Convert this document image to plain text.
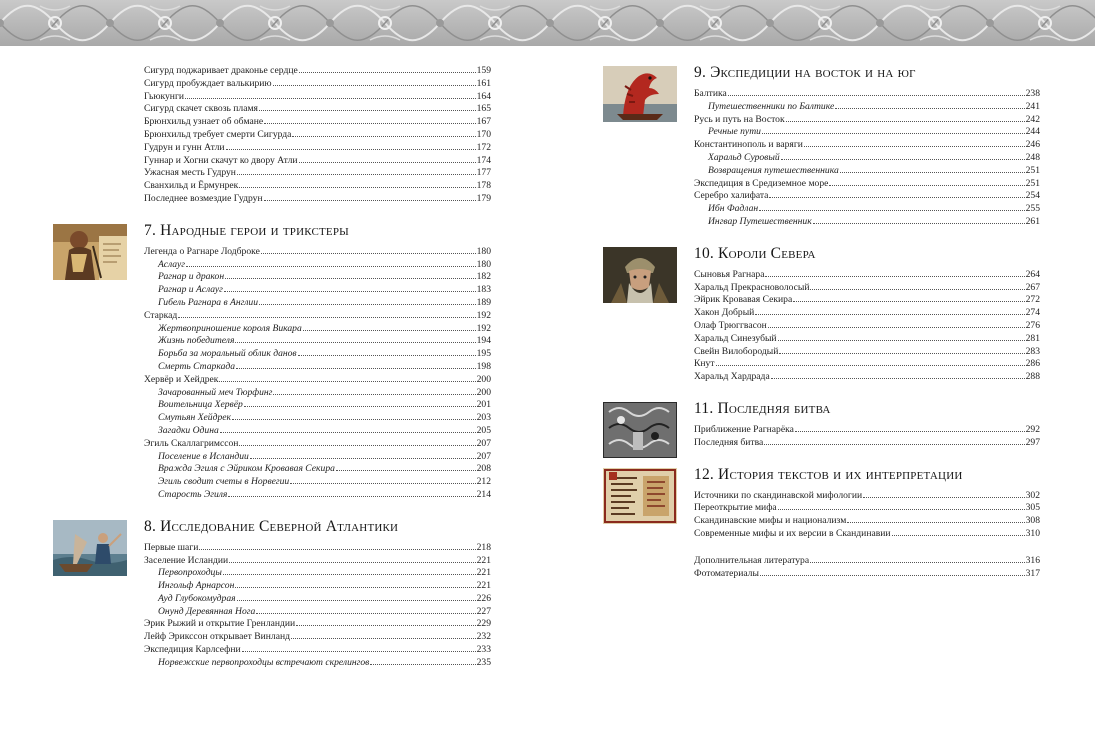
Сигурд поджаривает драконье сердце	159
Сигурд пробуждает валькирию	161
Гьюкунги	164
Сигурд скачет сквозь пламя	165
Брюнхильд узнает об обмане	167
Брюнхильд требует смерти Сигурда	170
Гудрун и гунн Атли	172
Гуннар и Хогни скачут ко двору Атли	174
Ужасная месть Гудрун	177
Сванхильд и Ёрмунрек	178
Последнее возмездие Гудрун	179
7. Народные герои и трикстеры
Легенда о Рагнаре Лодброке	180
Аслауг	180
Рагнар и дракон	182
Рагнар и Аслауг	183
Гибель Рагнара в Англии	189
Старкад	192
Жертвоприношение короля Викара	192
Жизнь победителя	194
Борьба за моральный облик данов	195
Смерть Старкада	198
Хервёр и Хейдрек	200
Зачарованный меч Тюрфинг	200
Воительница Хервёр	201
Смутьян Хейдрек	203
Загадки Одина	205
Эгиль Скаллагримссон	207
Поселение в Исландии	207
Вражда Эгиля с Эйриком Кровавая Секира	208
Эгиль сводит счеты в Норвегии	212
Старость Эгиля	214
8. Исследование Северной Атлантики
Первые шаги	218
Заселение Исландии	221
Первопроходцы	221
Ингольф Арнарсон	221
Ауд Глубокомудрая	226
Онунд Деревянная Нога	227
Эрик Рыжий и открытие Гренландии	229
Лейф Эрикссон открывает Винланд	232
Экспедиция Карлсефни	233
Норвежские первопроходцы встречают скрелингов	235
9. Экспедиции на восток и на юг
Балтика	238
Путешественники по Балтике	241
Русь и путь на Восток	242
Речные пути	244
Константинополь и варяги	246
Харальд Суровый	248
Возвращения путешественника	251
Экспедиция в Средиземное море	251
Серебро халифата	254
Ибн Фадлан	255
Ингвар Путешественник	261
10. Короли Севера
Сыновья Рагнара	264
Харальд Прекрасноволосый	267
Эйрик Кровавая Секира	272
Хакон Добрый	274
Олаф Трюггвасон	276
Харальд Синезубый	281
Свейн Вилобородый	283
Кнут	286
Харальд Хардрада	288
11. Последняя битва
Приближение Рагнарёка	292
Последняя битва	297
12. История текстов и их интерпретации
Источники по скандинавской мифологии	302
Переоткрытие мифа	305
Скандинавские мифы и национализм	308
Современные мифы и их версии в Скандинавии	310
Дополнительная литература	316
Фотоматериалы	317
